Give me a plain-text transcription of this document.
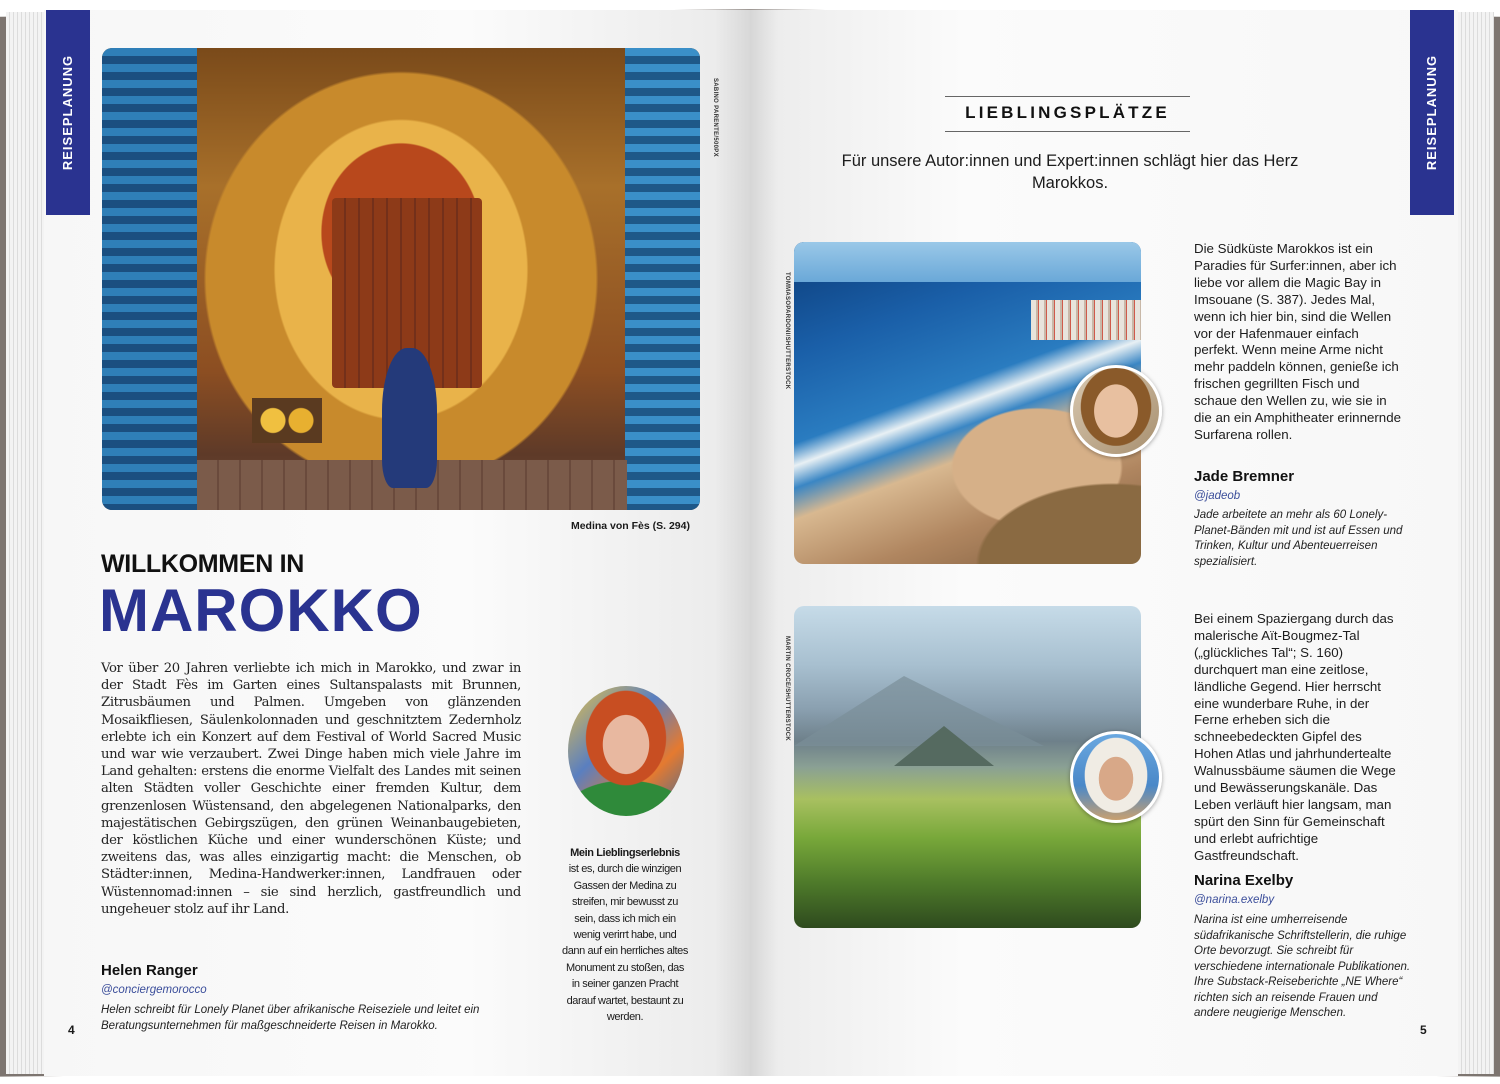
REISEPLANUNG	SABINO PARENTE/500PX
Medina von Fès (S. 294)
WILLKOMMEN IN
MAROKKO

Vor über 20 Jahren verliebte ich mich in Marokko, und zwar in der Stadt Fès im Garten eines Sultanspalasts mit Brunnen, Zitrusbäumen und Palmen. Umgeben von glänzenden Mosaikfliesen, Säulenkolonnaden und geschnitztem Zedernholz erlebte ich ein Konzert auf dem Festival of World Sacred Music und war wie verzaubert. Zwei Dinge haben mich viele Jahre im Land gehalten: erstens die enorme Vielfalt des Landes mit seinen alten Städten voller Geschichte einer fremden Kultur, dem grenzenlosen Wüstensand, den abgelegenen Nationalparks, den majestätischen Gebirgszügen, den grünen Weinanbaugebieten, der köstlichen Küche und einer wunderschönen Küste; und zweitens das, was alles einzigartig macht: die Menschen, ob Städter:innen, Medina-Handwerker:innen, Landfrauen oder Wüstennomad:innen – sie sind herzlich, gastfreundlich und ungeheuer stolz auf ihr Land.

Mein Lieblingserlebnis
ist es, durch die winzigen Gassen der Medina zu streifen, mir bewusst zu sein, dass ich mich ein wenig verirrt habe, und dann auf ein herrliches altes Monument zu stoßen, das in seiner ganzen Pracht darauf wartet, bestaunt zu werden.
Helen Ranger
@conciergemorocco
Helen schreibt für Lonely Planet über afrikanische Reiseziele und leitet ein Beratungsunternehmen für maßgeschneiderte Reisen in Marokko.
4
REISEPLANUNG
LIEBLINGSPLÄTZE
Für unsere Autor:innen und Expert:innen schlägt hier das Herz Marokkos.
TOMMASOPARDONI/SHUTTERSTOCK
Die Südküste Marokkos ist ein Paradies für Surfer:innen, aber ich liebe vor allem die Magic Bay in Imsouane (S. 387). Jedes Mal, wenn ich hier bin, sind die Wellen vor der Hafenmauer einfach perfekt. Wenn meine Arme nicht mehr paddeln können, genieße ich frischen gegrillten Fisch und schaue den Wellen zu, wie sie in die an ein Amphitheater erinnernde Surfarena rollen.
Jade Bremner
@jadeob
Jade arbeitete an mehr als 60 Lonely-Planet-Bänden mit und ist auf Essen und Trinken, Kultur und Abenteuerreisen spezialisiert.
MARTIN CROCE/SHUTTERSTOCK
Bei einem Spaziergang durch das malerische Aït-Bougmez-Tal („glückliches Tal“; S. 160) durchquert man eine zeitlose, ländliche Gegend. Hier herrscht eine wunderbare Ruhe, in der Ferne erheben sich die schneebedeckten Gipfel des Hohen Atlas und jahrhundertealte Walnussbäume säumen die Wege und Bewässerungskanäle. Das Leben verläuft hier langsam, man spürt den Sinn für Gemeinschaft und erlebt aufrichtige Gastfreundschaft.
Narina Exelby
@narina.exelby
Narina ist eine umherreisende südafrikanische Schriftstellerin, die ruhige Orte bevorzugt. Sie schreibt für verschiedene internationale Publikationen. Ihre Substack-Reiseberichte „NE Where“ richten sich an reisende Frauen und andere neugierige Menschen.
5
